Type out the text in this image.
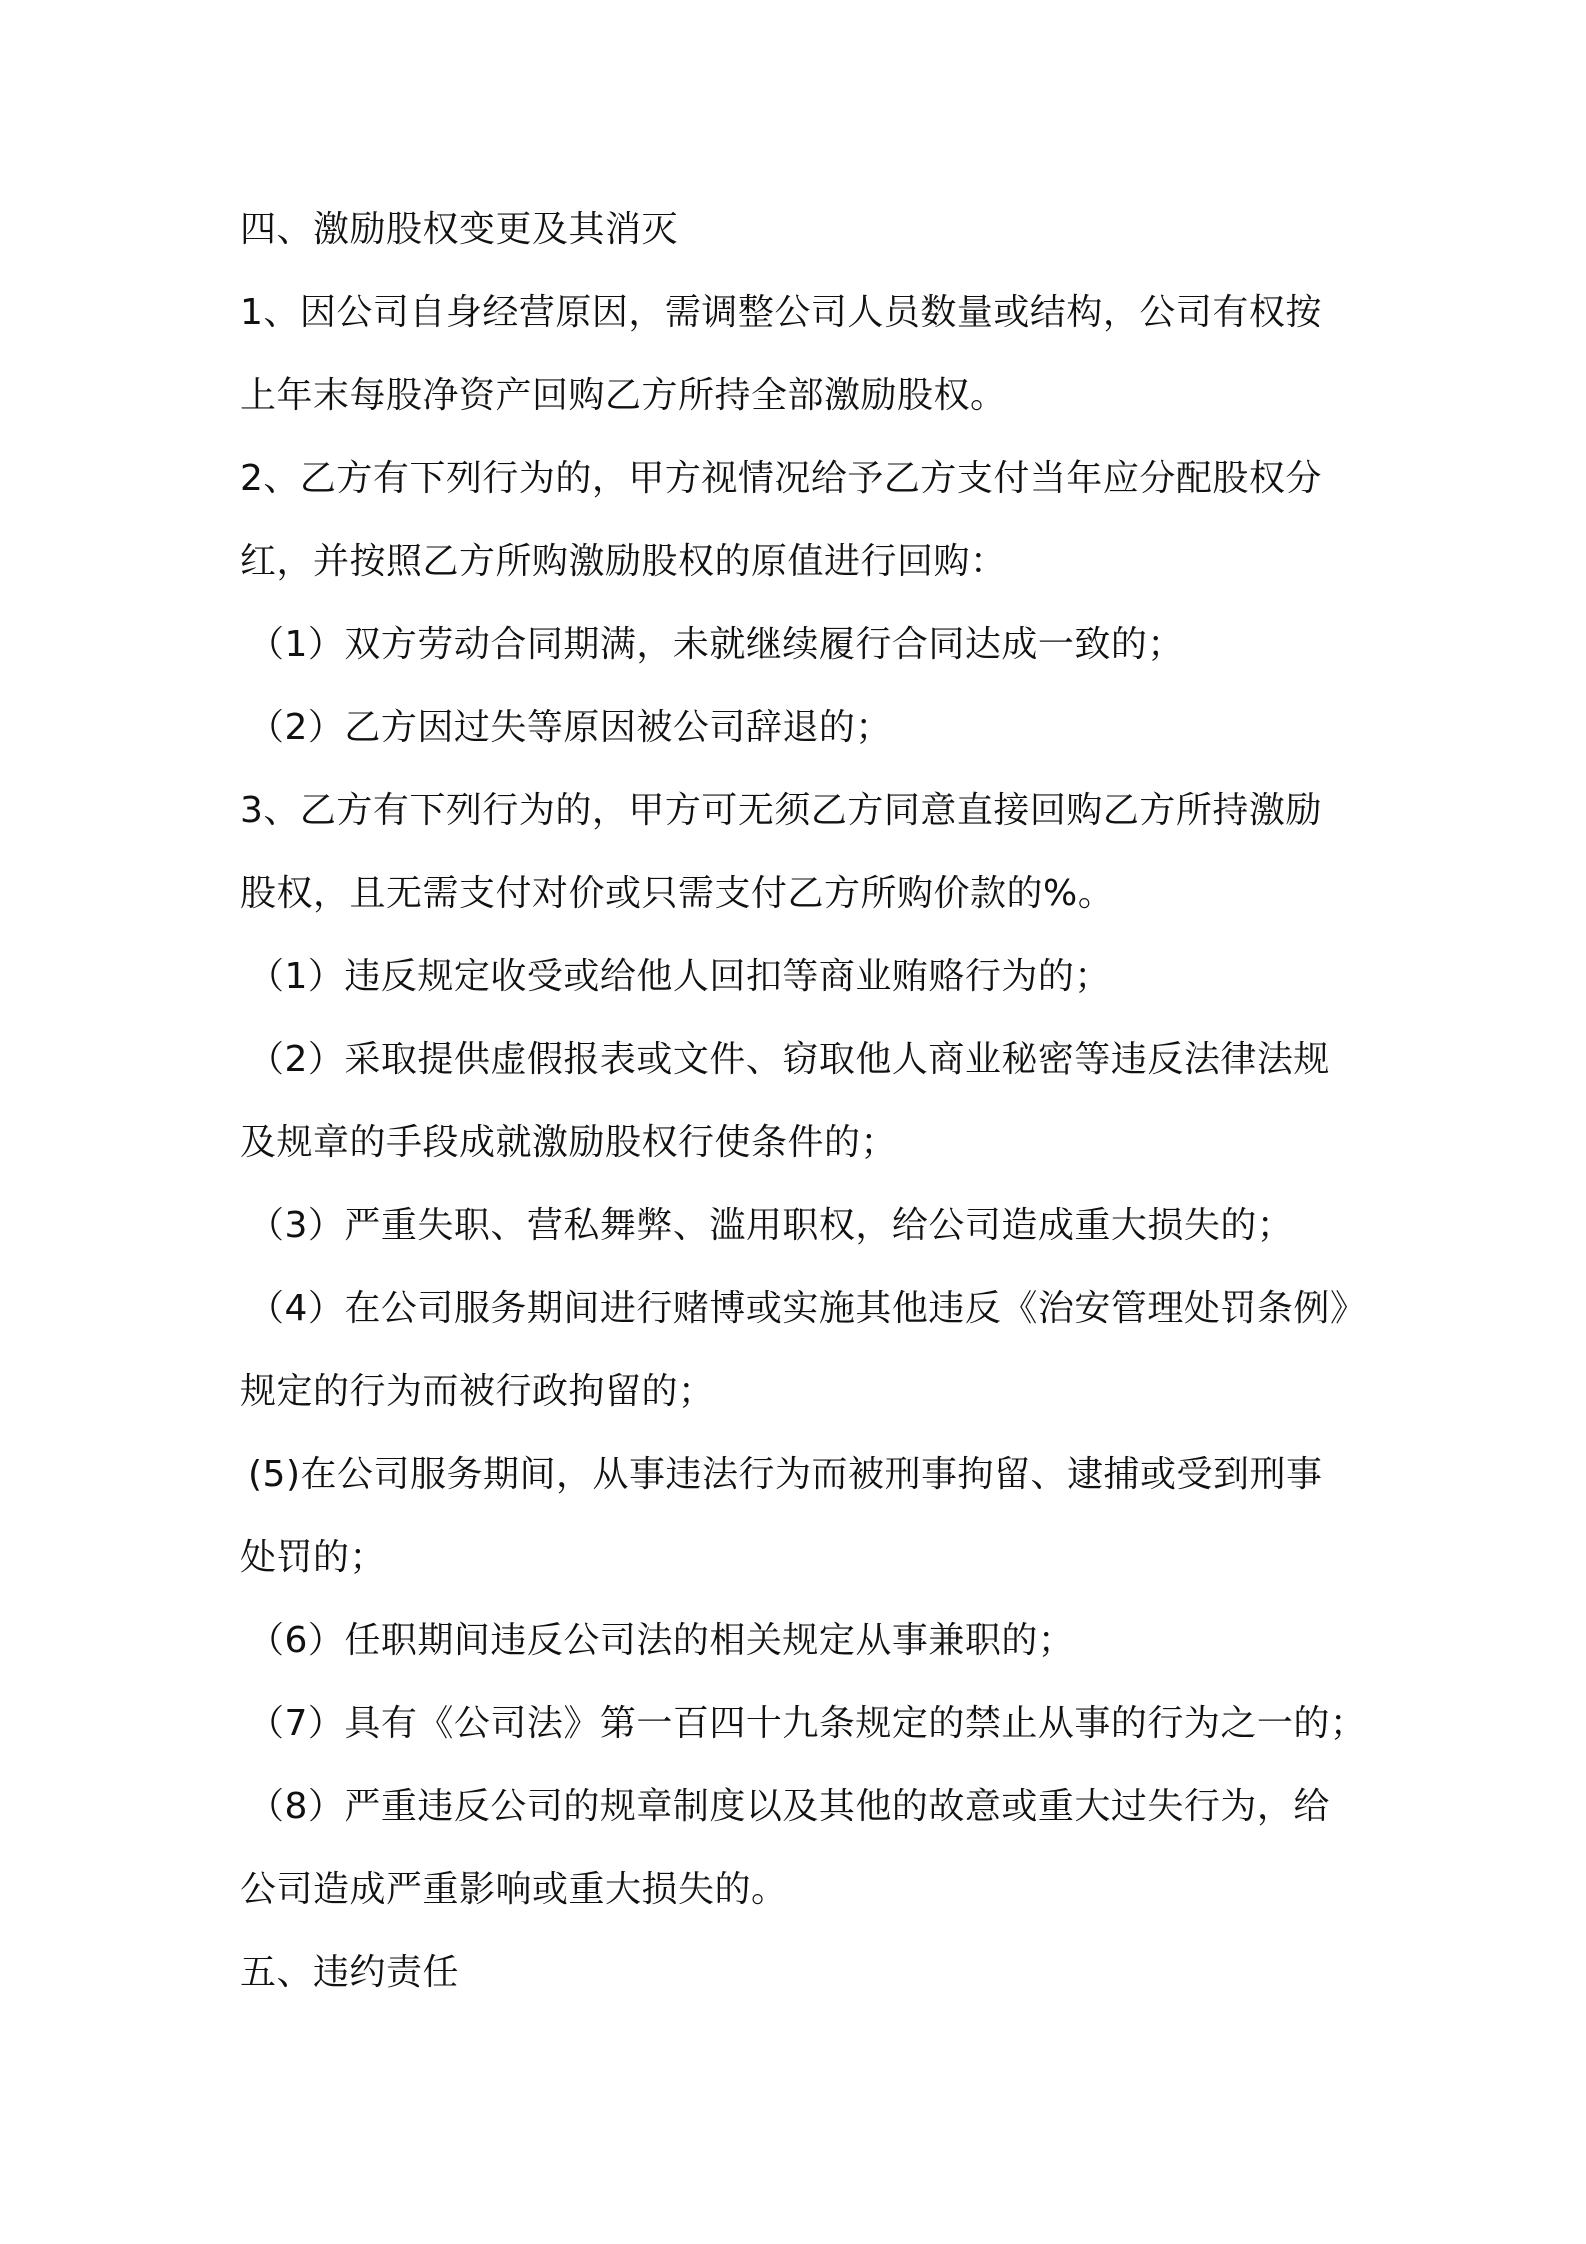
四、激励股权变更及其消灭
1、因公司自身经营原因，需调整公司人员数量或结构，公司有权按
上年末每股净资产回购乙方所持全部激励股权。
2、乙方有下列行为的，甲方视情况给予乙方支付当年应分配股权分
红，并按照乙方所购激励股权的原值进行回购：
（1）双方劳动合同期满，未就继续履行合同达成一致的；
（2）乙方因过失等原因被公司辞退的；
3、乙方有下列行为的，甲方可无须乙方同意直接回购乙方所持激励
股权，且无需支付对价或只需支付乙方所购价款的%。
（1）违反规定收受或给他人回扣等商业贿赂行为的；
（2）采取提供虚假报表或文件、窃取他人商业秘密等违反法律法规
及规章的手段成就激励股权行使条件的；
（3）严重失职、营私舞弊、滥用职权，给公司造成重大损失的；
（4）在公司服务期间进行赌博或实施其他违反《治安管理处罚条例》
规定的行为而被行政拘留的；
(5)在公司服务期间，从事违法行为而被刑事拘留、逮捕或受到刑事
处罚的；
（6）任职期间违反公司法的相关规定从事兼职的；
（7）具有《公司法》第一百四十九条规定的禁止从事的行为之一的；
（8）严重违反公司的规章制度以及其他的故意或重大过失行为，给
公司造成严重影响或重大损失的。
五、违约责任
